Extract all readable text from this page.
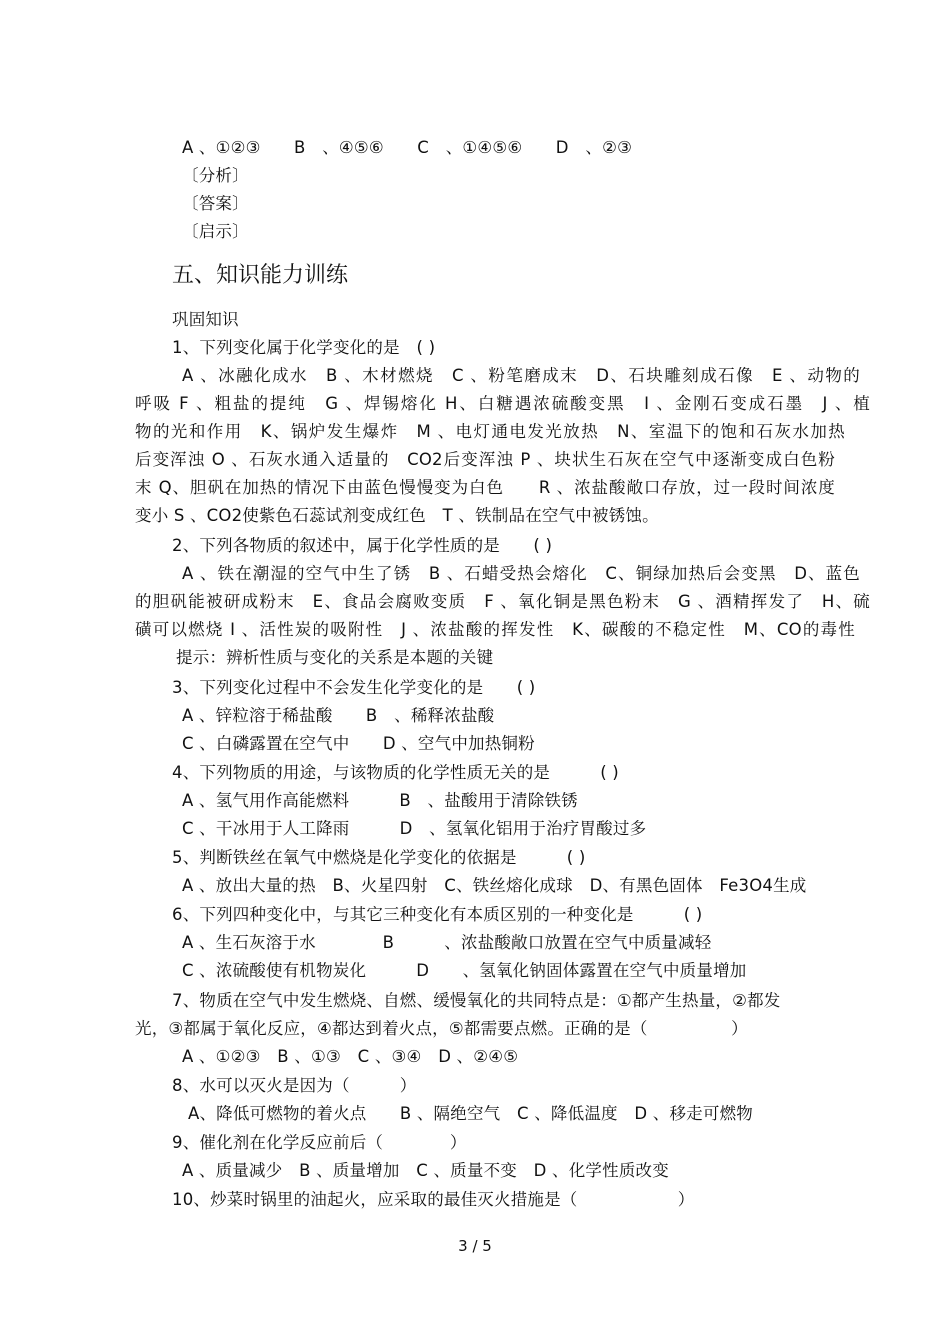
A 、①②③　　B　、④⑤⑥　　C　、①④⑤⑥　　D　、②③
〔分析〕
〔答案〕
〔启示〕
五、知识能力训练
巩固知识
1、下列变化属于化学变化的是　( )
A 、冰融化成水　B 、木材燃烧　C 、粉笔磨成末　D、石块雕刻成石像　E 、动物的
呼吸 F 、粗盐的提纯　G 、焊锡熔化 H、白糖遇浓硫酸变黑　I 、金刚石变成石墨　J 、植
物的光和作用　K、锅炉发生爆炸　M 、电灯通电发光放热　N、室温下的饱和石灰水加热
后变浑浊 O 、石灰水通入适量的　CO2后变浑浊 P 、块状生石灰在空气中逐渐变成白色粉
末 Q、胆矾在加热的情况下由蓝色慢慢变为白色　　R 、浓盐酸敞口存放，过一段时间浓度
变小 S 、CO2使紫色石蕊试剂变成红色　T 、铁制品在空气中被锈蚀。
2、下列各物质的叙述中，属于化学性质的是　　( )
A 、铁在潮湿的空气中生了锈　B 、石蜡受热会熔化　C、铜绿加热后会变黑　D、蓝色
的胆矾能被研成粉末　E、食品会腐败变质　F 、氧化铜是黑色粉末　G 、酒精挥发了　H、硫
磺可以燃烧 I 、活性炭的吸附性　J 、浓盐酸的挥发性　K、碳酸的不稳定性　M、CO的毒性
提示：辨析性质与变化的关系是本题的关键
3、下列变化过程中不会发生化学变化的是　　( )
A 、锌粒溶于稀盐酸　　B　、稀释浓盐酸
C 、白磷露置在空气中　　D 、空气中加热铜粉
4、下列物质的用途，与该物质的化学性质无关的是　　　( )
A 、氢气用作高能燃料　　　B　、盐酸用于清除铁锈
C 、干冰用于人工降雨　　　D　、氢氧化铝用于治疗胃酸过多
5、判断铁丝在氧气中燃烧是化学变化的依据是　　　( )
A 、放出大量的热　B、火星四射　C、铁丝熔化成球　D、有黑色固体　Fe3O4生成
6、下列四种变化中，与其它三种变化有本质区别的一种变化是　　　( )
A 、生石灰溶于水　　　　B　　　、浓盐酸敞口放置在空气中质量减轻
C 、浓硫酸使有机物炭化　　　D　　、氢氧化钠固体露置在空气中质量增加
7、物质在空气中发生燃烧、自燃、缓慢氧化的共同特点是：①都产生热量，②都发
光，③都属于氧化反应，④都达到着火点，⑤都需要点燃。正确的是（　　　　　）
A 、①②③　B 、①③　C 、③④　D 、②④⑤
8、水可以灭火是因为（　　　）
A、降低可燃物的着火点　　B 、隔绝空气　C 、降低温度　D 、移走可燃物
9、催化剂在化学反应前后（　　　　）
A 、质量减少　B 、质量增加　C 、质量不变　D 、化学性质改变
10、炒菜时锅里的油起火，应采取的最佳灭火措施是（　　　　　　）
3 / 5
